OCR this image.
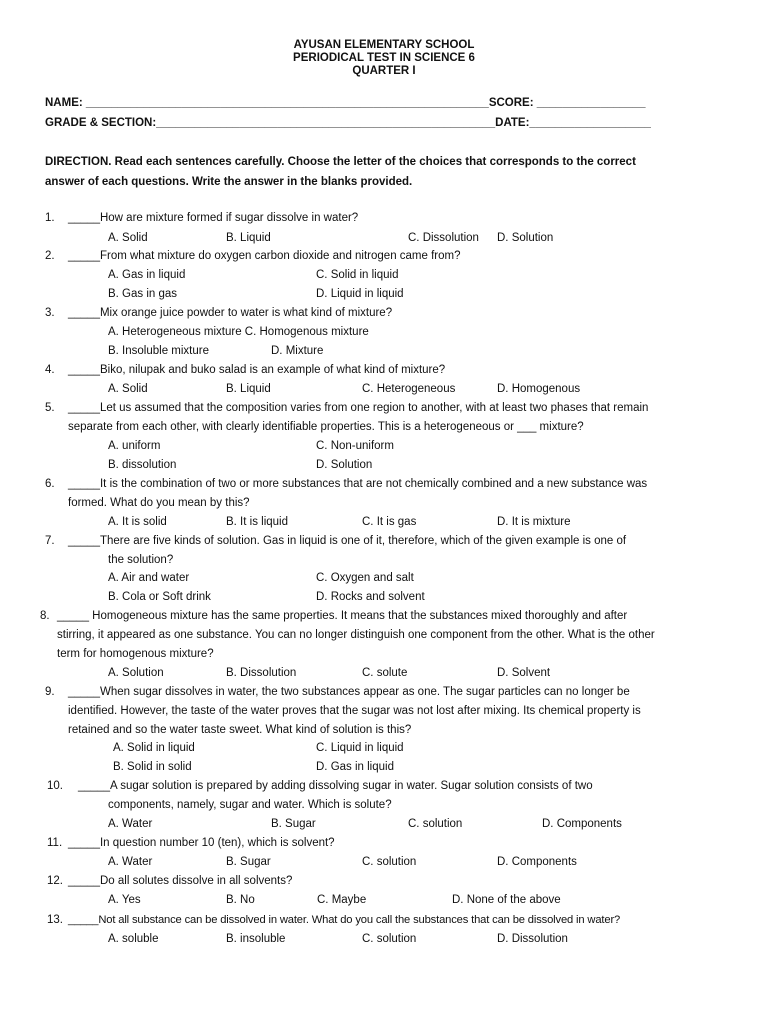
AYUSAN ELEMENTARY SCHOOL
PERIODICAL TEST IN SCIENCE 6
QUARTER I
NAME: _______________________________________________________________SCORE: _________________
GRADE & SECTION:_____________________________________________________DATE:___________________
DIRECTION. Read each sentences carefully. Choose the letter of the choices that corresponds to the correct
answer of each questions. Write the answer in the blanks provided.
1. _____How are mixture formed if sugar dissolve in water?
A. Solid	B. Liquid	C. Dissolution D. Solution
2. _____From what mixture do oxygen carbon dioxide and nitrogen came from?
A. Gas in liquid	C. Solid in liquid
B. Gas in gas	D. Liquid in liquid
3. _____Mix orange juice powder to water is what kind of mixture?
A. Heterogeneous mixture C. Homogenous mixture
B. Insoluble mixture	D. Mixture
4. _____Biko, nilupak and buko salad is an example of what kind of mixture?
A. Solid	B. Liquid	C. Heterogeneous	D. Homogenous
5. _____Let us assumed that the composition varies from one region to another, with at least two phases that remain
separate from each other, with clearly identifiable properties. This is a heterogeneous or ___ mixture?
A. uniform	C. Non-uniform
B. dissolution	D. Solution
6. _____It is the combination of two or more substances that are not chemically combined and a new substance was
formed. What do you mean by this?
A. It is solid	B. It is liquid	C. It is gas	D. It is mixture
7. _____There are five kinds of solution. Gas in liquid is one of it, therefore, which of the given example is one of
the solution?
A. Air and water	C. Oxygen and salt
B. Cola or Soft drink	D. Rocks and solvent
8. _____ Homogeneous mixture has the same properties. It means that the substances mixed thoroughly and after
stirring, it appeared as one substance. You can no longer distinguish one component from the other. What is the other
term for homogenous mixture?
A. Solution	B. Dissolution	C. solute	D. Solvent
9. _____When sugar dissolves in water, the two substances appear as one. The sugar particles can no longer be
identified. However, the taste of the water proves that the sugar was not lost after mixing. Its chemical property is
retained and so the water taste sweet. What kind of solution is this?
A. Solid in liquid	C. Liquid in liquid
B. Solid in solid	D. Gas in liquid
10. _____A sugar solution is prepared by adding dissolving sugar in water. Sugar solution consists of two
components, namely, sugar and water. Which is solute?
A. Water	B. Sugar	C. solution	D. Components
11. _____In question number 10 (ten), which is solvent?
A. Water	B. Sugar	C. solution	D. Components
12. _____Do all solutes dissolve in all solvents?
A. Yes	B. No	C. Maybe	D. None of the above
13. _____Not all substance can be dissolved in water. What do you call the substances that can be dissolved in water?
A. soluble	B. insoluble	C. solution	D. Dissolution
